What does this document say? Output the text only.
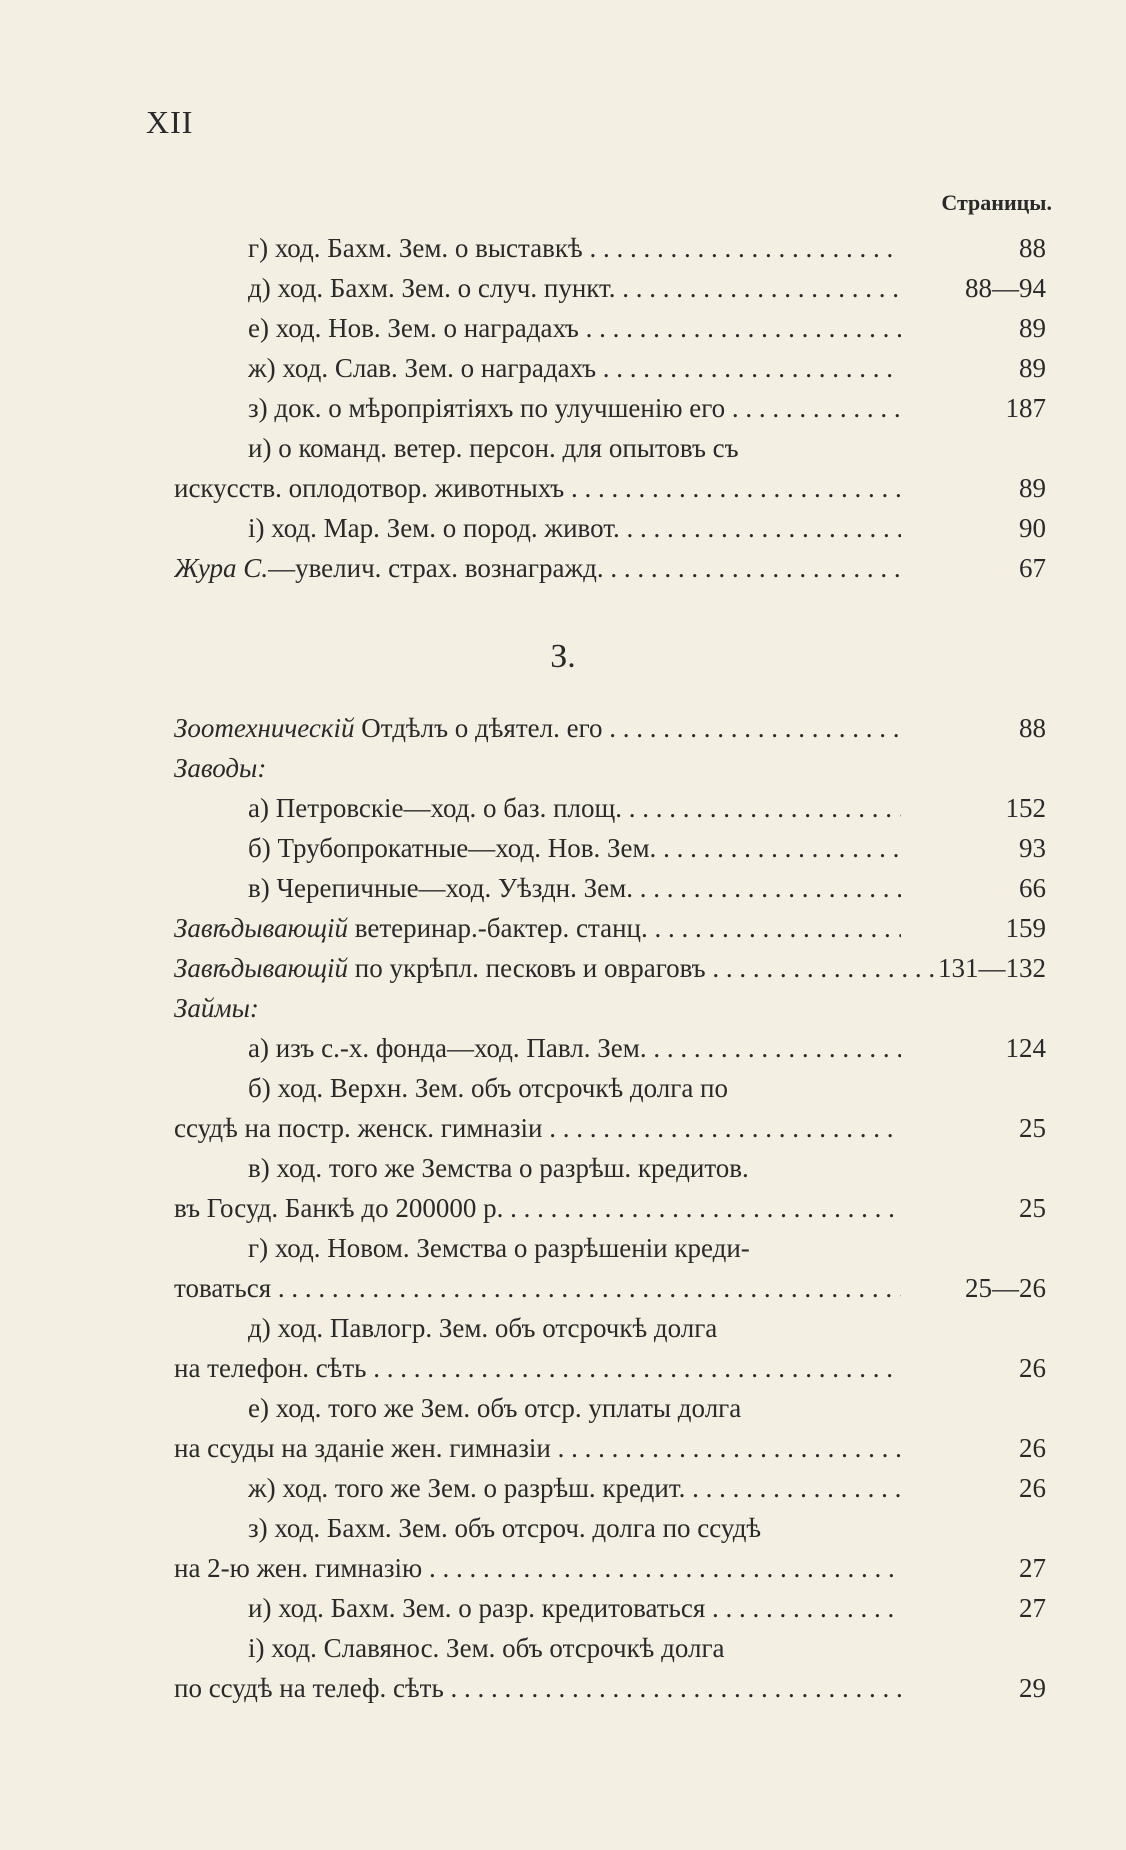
XII
Страницы.
З.
г) ход. Бахм. Зем. о выставкѣ . . .	88
д) ход. Бахм. Зем. о случ. пункт. . . .	88—94
е) ход. Нов. Зем. о наградахъ . . .	89
ж) ход. Слав. Зем. о наградахъ . . .	89
з) док. о мѣропріятіяхъ по улучшенію его . . .	187
и) о команд. ветер. персон. для опытовъ съ
искусств. оплодотвор. животныхъ . . .	89
і) ход. Мар. Зем. о пород. живот. . . .	90
Жура С.—увелич. страх. вознагражд. . . .	67
Зоотехническій Отдѣлъ о дѣятел. его . . .	88
Заводы:
а) Петровскіе—ход. о баз. площ. . . .	152
б) Трубопрокатные—ход. Нов. Зем. . . .	93
в) Черепичные—ход. Уѣздн. Зем. . . .	66
Завѣдывающій ветеринар.-бактер. станц. . . .	159
Завѣдывающій по укрѣпл. песковъ и овраговъ . . .	131—132
Займы:
а) изъ с.-х. фонда—ход. Павл. Зем. . . .	124
б) ход. Верхн. Зем. объ отсрочкѣ долга по
ссудѣ на постр. женск. гимназіи . . .	25
в) ход. того же Земства о разрѣш. кредитов.
въ Госуд. Банкѣ до 200000 р. . . .	25
г) ход. Новом. Земства о разрѣшеніи креди-
товаться . . .	25—26
д) ход. Павлогр. Зем. объ отсрочкѣ долга
на телефон. сѣть . . .	26
е) ход. того же Зем. объ отср. уплаты долга
на ссуды на зданіе жен. гимназіи . . .	26
ж) ход. того же Зем. о разрѣш. кредит. . . .	26
з) ход. Бахм. Зем. объ отсроч. долга по ссудѣ
на 2-ю жен. гимназію . . .	27
и) ход. Бахм. Зем. о разр. кредитоваться . . .	27
і) ход. Славянос. Зем. объ отсрочкѣ долга
по ссудѣ на телеф. сѣть . . .	29
